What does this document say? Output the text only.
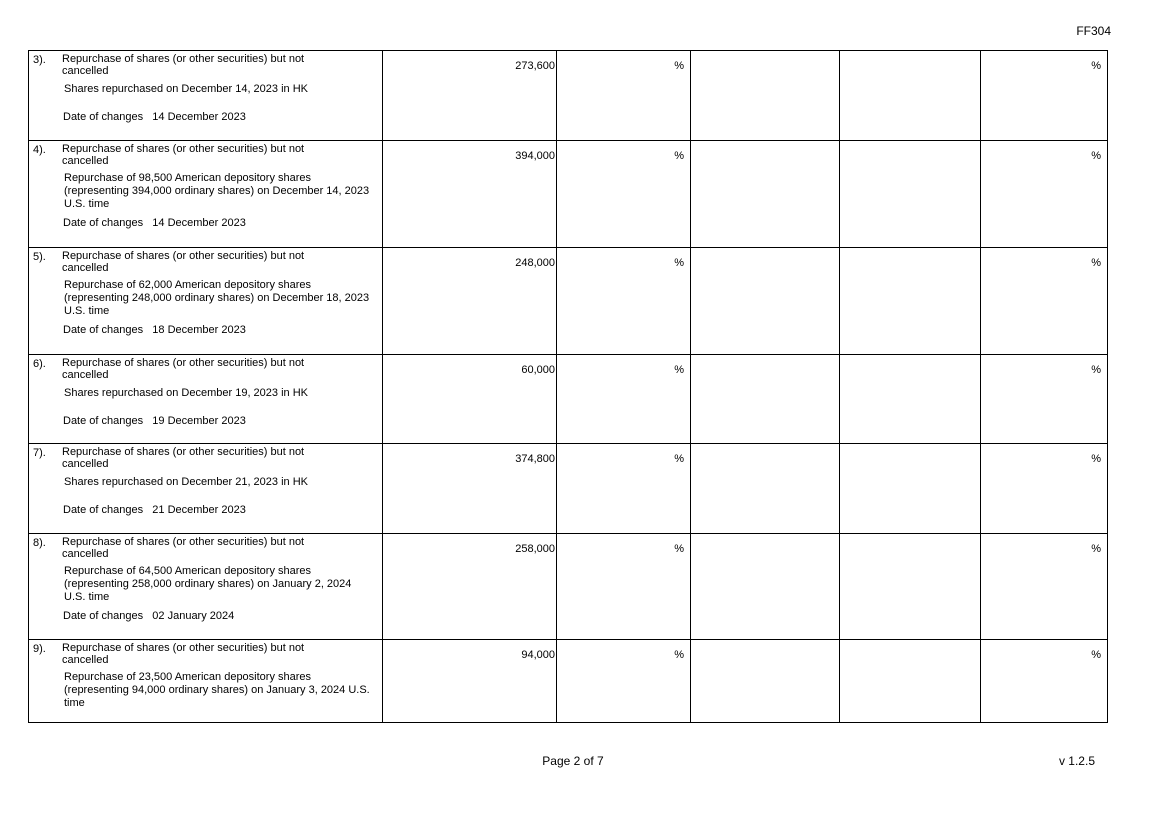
FF304
3). Repurchase of shares (or other securities) but not
cancelled
Shares repurchased on December 14, 2023 in HK
Date of changes 14 December 2023	273,600	%			%

4). Repurchase of shares (or other securities) but not
cancelled
Repurchase of 98,500 American depository shares (representing 394,000 ordinary shares) on December 14, 2023 U.S. time
Date of changes 14 December 2023	394,000	%			%

5). Repurchase of shares (or other securities) but not
cancelled
Repurchase of 62,000 American depository shares (representing 248,000 ordinary shares) on December 18, 2023 U.S. time
Date of changes 18 December 2023	248,000	%			%

6). Repurchase of shares (or other securities) but not
cancelled
Shares repurchased on December 19, 2023 in HK
Date of changes 19 December 2023	60,000	%			%

7). Repurchase of shares (or other securities) but not
cancelled
Shares repurchased on December 21, 2023 in HK
Date of changes 21 December 2023	374,800	%			%

8). Repurchase of shares (or other securities) but not
cancelled
Repurchase of 64,500 American depository shares (representing 258,000 ordinary shares) on January 2, 2024 U.S. time
Date of changes 02 January 2024	258,000	%			%

9). Repurchase of shares (or other securities) but not
cancelled
Repurchase of 23,500 American depository shares (representing 94,000 ordinary shares) on January 3, 2024 U.S. time	94,000	%			%
Page 2 of 7	v 1.2.5
